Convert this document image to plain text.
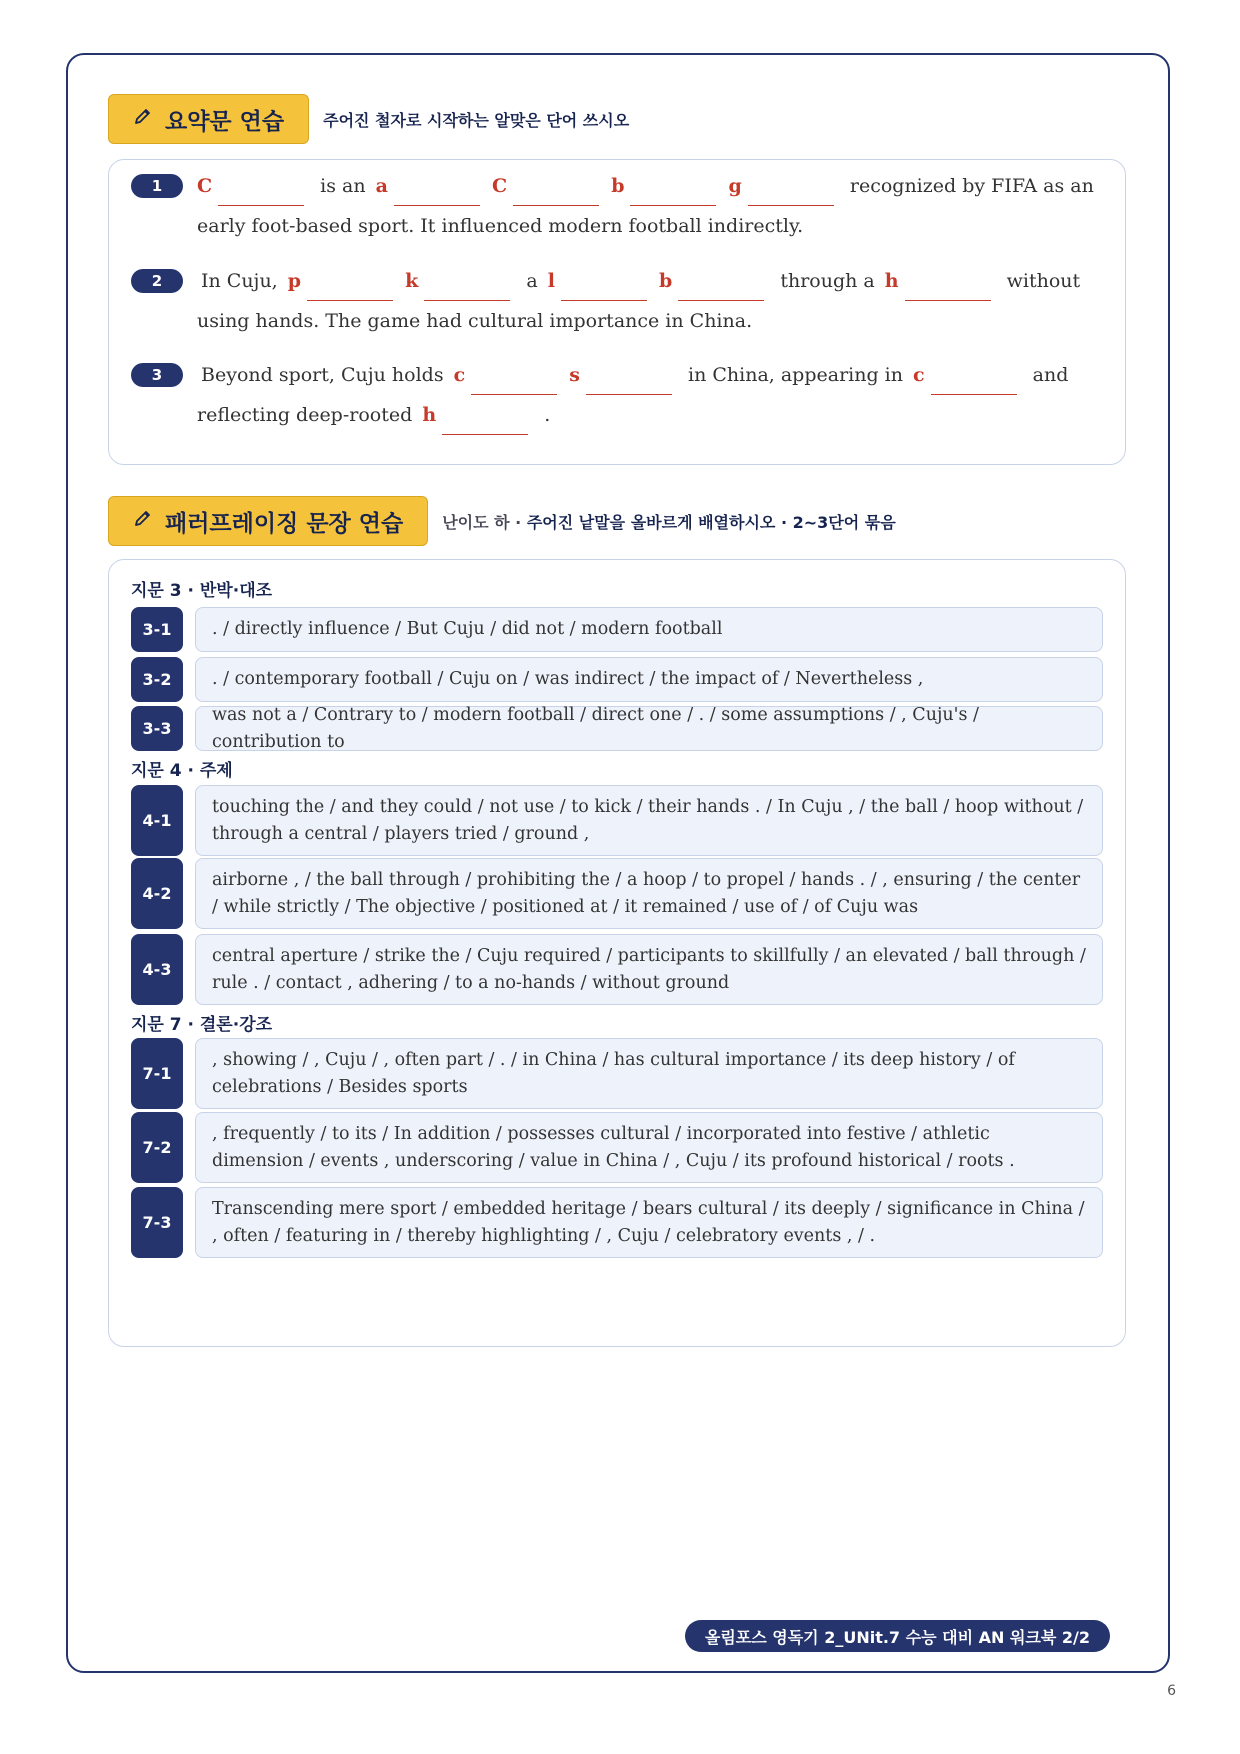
요약문 연습 주어진 철자로 시작하는 알맞은 단어 쓰시오
1	C	is an a	C	b	g	recognized by FIFA as an early foot-based sport. It influenced modern football indirectly.
2	In Cuju, p	k	a l	b	through a h	without using hands. The game had cultural importance in China.
3	Beyond sport, Cuju holds c	s	in China, appearing in c	and reflecting deep-rooted h	.
패러프레이징 문장 연습 난이도 하 · 주어진 낱말을 올바르게 배열하시오 · 2~3단어 묶음
지문 3 · 반박·대조
3-1	. / directly influence / But Cuju / did not / modern football
3-2	. / contemporary football / Cuju on / was indirect / the impact of / Nevertheless ,
3-3
was not a / Contrary to / modern football / direct one / . / some assumptions / , Cuju's / contribution to
지문 4 · 주제
4-1
touching the / and they could / not use / to kick / their hands . / In Cuju , / the ball / hoop without / through a central / players tried / ground ,
4-2
airborne , / the ball through / prohibiting the / a hoop / to propel / hands . / , ensuring / the center / while strictly / The objective / positioned at / it remained / use of / of Cuju was
4-3
central aperture / strike the / Cuju required / participants to skillfully / an elevated / ball through / rule . / contact , adhering / to a no-hands / without ground
지문 7 · 결론·강조
7-1
, showing / , Cuju / , often part / . / in China / has cultural importance / its deep history / of celebrations / Besides sports
7-2
, frequently / to its / In addition / possesses cultural / incorporated into festive / athletic dimension / events , underscoring / value in China / , Cuju / its profound historical / roots .
7-3
Transcending mere sport / embedded heritage / bears cultural / its deeply / significance in China / , often / featuring in / thereby highlighting / , Cuju / celebratory events , / .
올림포스 영독기 2_UNit.7 수능 대비 AN 워크북 2/2
6
